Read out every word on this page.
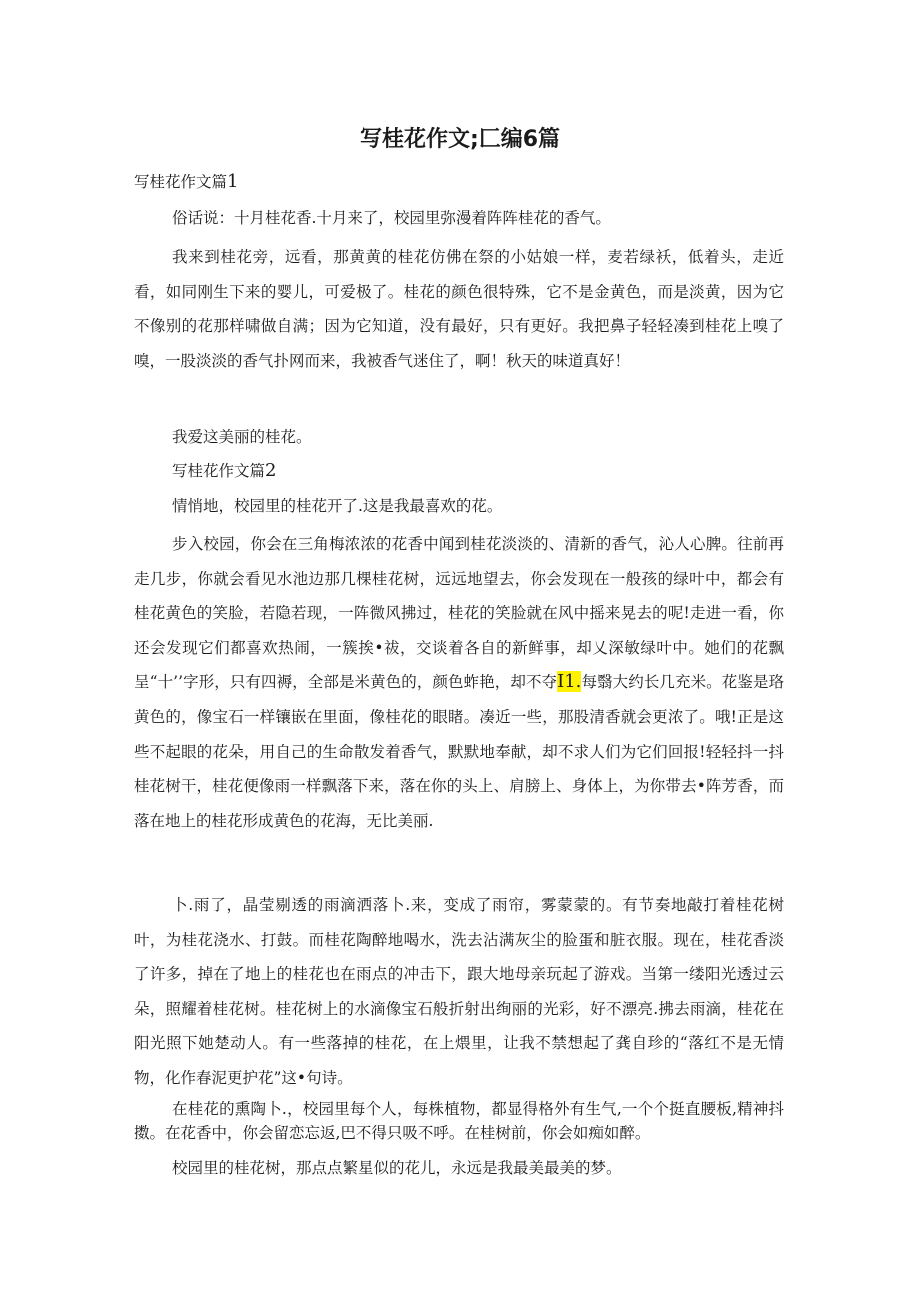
写桂花作文;匚编6篇
写桂花作文篇1

俗话说：十月桂花香.十月来了，校园里弥漫着阵阵桂花的香气。

我来到桂花旁，远看，那黄黄的桂花仿佛在祭的小姑娘一样，麦若绿袄，低着头，走近看，如同刚生下来的婴儿，可爱极了。桂花的颜色很特殊，它不是金黄色，而是淡黄，因为它不像别的花那样啸做自满；因为它知道，没有最好，只有更好。我把鼻子轻轻凑到桂花上嗅了嗅，一股淡淡的香气扑网而来，我被香气迷住了，啊！秋天的味道真好！

我爱这美丽的桂花。

写桂花作文篇2

情悄地，校园里的桂花开了.这是我最喜欢的花。

步入校园，你会在三角梅浓浓的花香中闻到桂花淡淡的、清新的香气，沁人心脾。往前再走几步，你就会看见水池边那几棵桂花树，远远地望去，你会发现在一般孩的绿叶中，都会有桂花黄色的笑脸，若隐若现，一阵微风拂过，桂花的笑脸就在风中摇来晃去的呢!走进一看，你还会发现它们都喜欢热闹，一簇挨•祓，交谈着各自的新鲜事，却乂深敏绿叶中。她们的花飘呈“十’’字形，只有四褥，全部是米黄色的，颜色蚱艳，却不夺I1.每翳大约长几充米。花鉴是珞黄色的，像宝石一样镶嵌在里面，像桂花的眼睹。凑近一些，那股清香就会更浓了。哦!正是这些不起眼的花朵，用自己的生命散发着香气，默默地奉献，却不求人们为它们回报!轻轻抖一抖桂花树干，桂花便像雨一样飘落下来，落在你的头上、肩膀上、身体上，为你带去•阵芳香，而落在地上的桂花形成黄色的花海，无比美丽.

卜.雨了，晶莹剔透的雨滴洒落卜.来，变成了雨帘，雾蒙蒙的。有节奏地敲打着桂花树叶，为桂花浇水、打鼓。而桂花陶醉地喝水，洗去沾满灰尘的脸蛋和脏衣服。现在，桂花香淡了许多，掉在了地上的桂花也在雨点的冲击下，跟大地母亲玩起了游戏。当第一缕阳光透过云朵，照耀着桂花树。桂花树上的水滴像宝石般折射出绚丽的光彩，好不漂亮.拂去雨滴，桂花在阳光照下她楚动人。有一些落掉的桂花，在上煨里，让我不禁想起了龚自珍的“落红不是无情物，化作春泥更护花”这•句诗。

在桂花的熏陶卜.，校园里每个人，每株植物，都显得格外有生气,一个个挺直腰板,精神抖擞。在花香中，你会留恋忘返,巴不得只吸不呼。在桂树前，你会如痴如醉。

校园里的桂花树，那点点繁星似的花儿，永远是我最美最美的梦。
